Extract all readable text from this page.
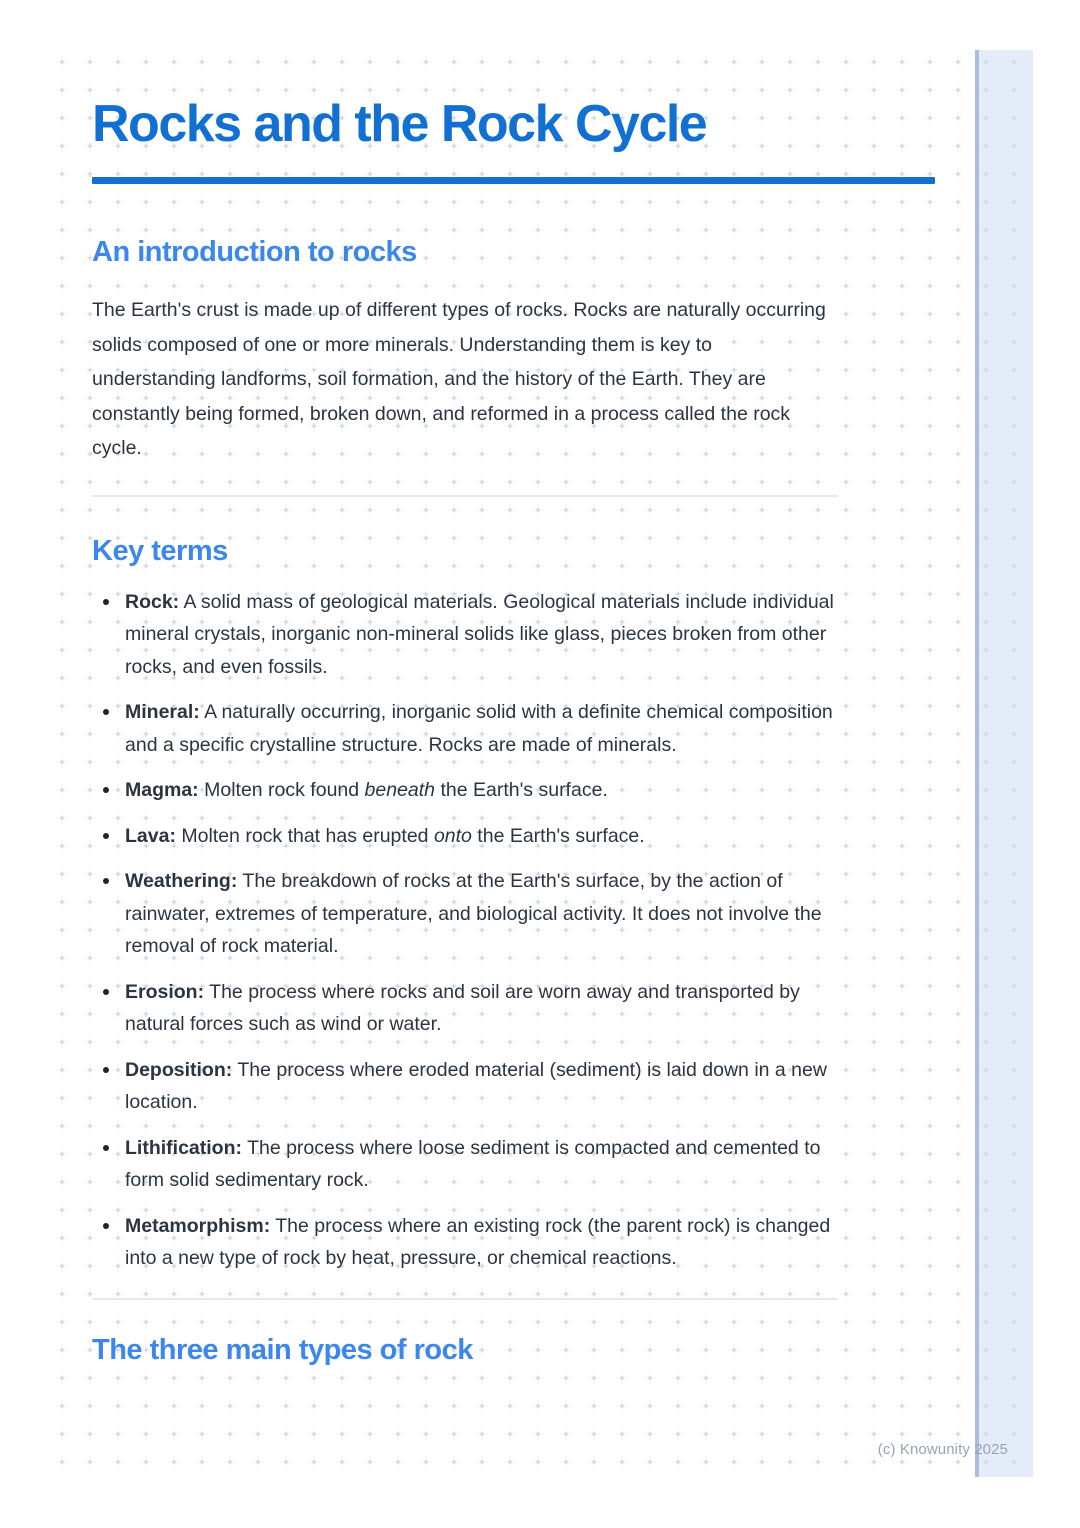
Rocks and the Rock Cycle
An introduction to rocks

The Earth's crust is made up of different types of rocks. Rocks are naturally occurring solids composed of one or more minerals. Understanding them is key to understanding landforms, soil formation, and the history of the Earth. They are constantly being formed, broken down, and reformed in a process called the rock cycle.

Key terms
Rock: A solid mass of geological materials. Geological materials include individual mineral crystals, inorganic non-mineral solids like glass, pieces broken from other rocks, and even fossils.
Mineral: A naturally occurring, inorganic solid with a definite chemical composition and a specific crystalline structure. Rocks are made of minerals.
Magma: Molten rock found beneath the Earth's surface.
Lava: Molten rock that has erupted onto the Earth's surface.
Weathering: The breakdown of rocks at the Earth's surface, by the action of rainwater, extremes of temperature, and biological activity. It does not involve the removal of rock material.
Erosion: The process where rocks and soil are worn away and transported by natural forces such as wind or water.
Deposition: The process where eroded material (sediment) is laid down in a new location.
Lithification: The process where loose sediment is compacted and cemented to form solid sedimentary rock.
Metamorphism: The process where an existing rock (the parent rock) is changed into a new type of rock by heat, pressure, or chemical reactions.
The three main types of rock
(c) Knowunity 2025
